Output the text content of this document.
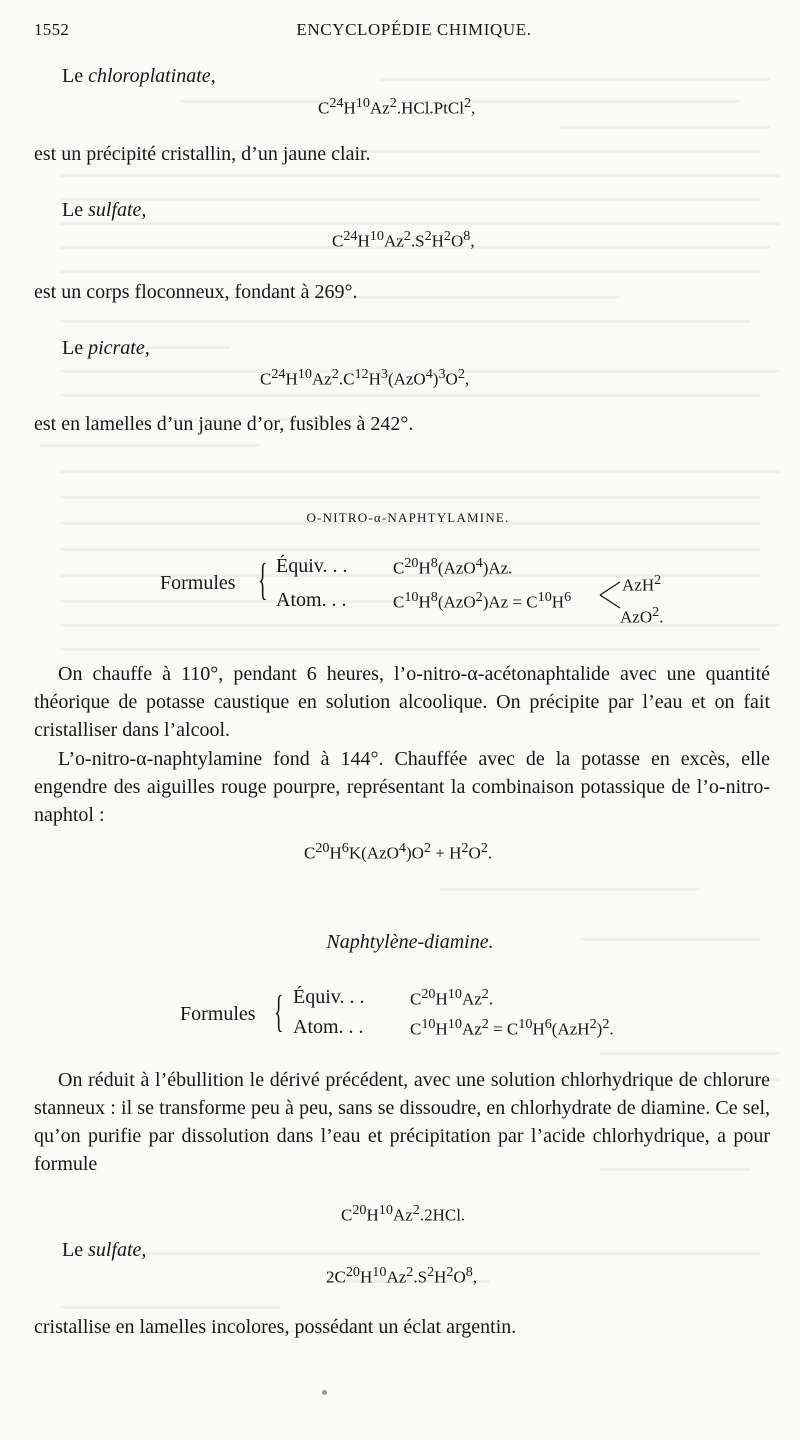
1552	ENCYCLOPÉDIE CHIMIQUE.
Le chloroplatinate,
$C^{24}H^{10}Az^2.HCl.PtCl^2$,
est un précipité cristallin, d’un jaune clair.
Le sulfate,
$C^{24}H^{10}Az^2.S^2H^2O^8$,
est un corps floconneux, fondant à 269°.
Le picrate,
$C^{24}H^{10}Az^2.C^{12}H^3(AzO^4)^3O^2$,
est en lamelles d’un jaune d’or, fusibles à 242°.
O-NITRO-α-NAPHTYLAMINE.
Formules { Équiv. . .	$C^{20}H^8(AzO^4)Az$.
Atom. . .	$C^{10}H^8(AzO^2)Az = C^{10}H^6$
AzH$^2$
AzO$^2$.
On chauffe à 110°, pendant 6 heures, l’o-nitro-α-acétonaphtalide avec une quantité théorique de potasse caustique en solution alcoolique. On précipite par l’eau et on fait cristalliser dans l’alcool.
L’o-nitro-α-naphtylamine fond à 144°. Chauffée avec de la potasse en excès, elle engendre des aiguilles rouge pourpre, représentant la combinaison potassique de l’o-nitro-naphtol :
$C^{20}H^6K(AzO^4)O^2 + H^2O^2$.
Naphtylène-diamine.
Formules { Équiv. . .	$C^{20}H^{10}Az^2$.
Atom. . .	$C^{10}H^{10}Az^2 = C^{10}H^6(AzH^2)^2$.
On réduit à l’ébullition le dérivé précédent, avec une solution chlorhydrique de chlorure stanneux : il se transforme peu à peu, sans se dissoudre, en chlorhydrate de diamine. Ce sel, qu’on purifie par dissolution dans l’eau et précipitation par l’acide chlorhydrique, a pour formule
$C^{20}H^{10}Az^2.2HCl$.
Le sulfate,
$2C^{20}H^{10}Az^2.S^2H^2O^8$,
cristallise en lamelles incolores, possédant un éclat argentin.
